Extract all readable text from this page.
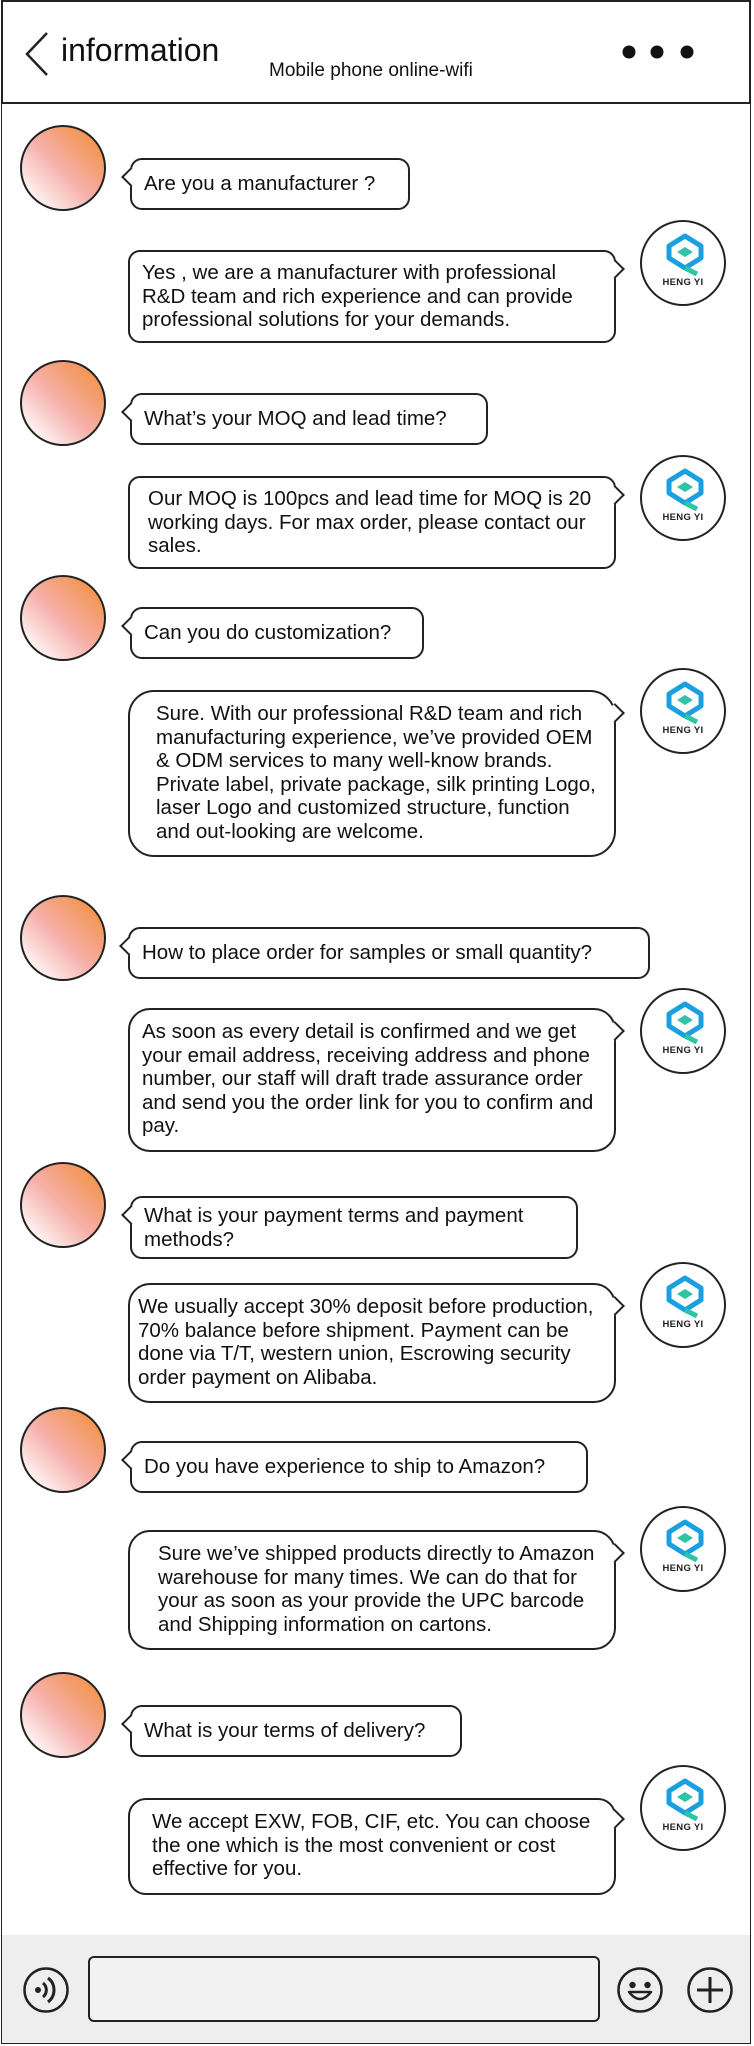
information
Mobile phone online-wifi
Are you a manufacturer ?
HENG YI
Yes , we are a manufacturer with professional R&D team and rich experience and can provide professional solutions for your demands.
What’s your MOQ and lead time?
HENG YI
Our MOQ is 100pcs and lead time for MOQ is 20 working days. For max order, please contact our sales.
Can you do customization?
HENG YI
Sure. With our professional R&D team and rich manufacturing experience, we’ve provided OEM & ODM services to many well-know brands. Private label, private package, silk printing Logo, laser Logo and customized structure, function and out-looking are welcome.
How to place order for samples or small quantity?
HENG YI
As soon as every detail is confirmed and we get your email address, receiving address and phone number, our staff will draft trade assurance order and send you the order link for you to confirm and pay.
What is your payment terms and payment methods?
HENG YI
We usually accept 30% deposit before production, 70% balance before shipment. Payment can be done via T/T, western union, Escrowing security order payment on Alibaba.
Do you have experience to ship to Amazon?
HENG YI
Sure we’ve shipped products directly to Amazon warehouse for many times. We can do that for your as soon as your provide the UPC barcode and Shipping information on cartons.
What is your terms of delivery?
HENG YI
We accept EXW, FOB, CIF, etc. You can choose the one which is the most convenient or cost effective for you.
